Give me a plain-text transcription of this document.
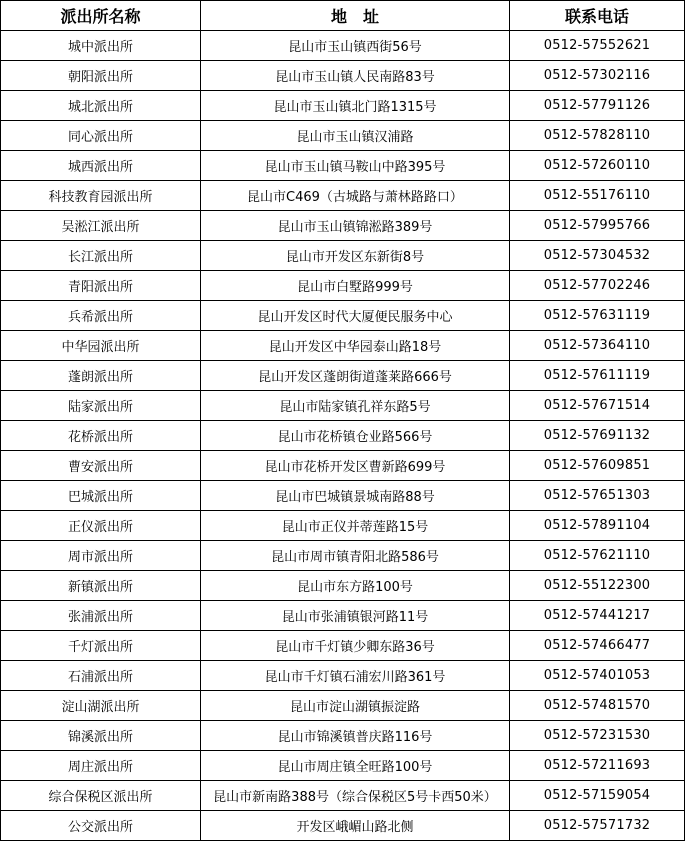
派出所名称	地　址	联系电话
城中派出所	昆山市玉山镇西街56号	0512-57552621
朝阳派出所	昆山市玉山镇人民南路83号	0512-57302116
城北派出所	昆山市玉山镇北门路1315号	0512-57791126
同心派出所	昆山市玉山镇汉浦路	0512-57828110
城西派出所	昆山市玉山镇马鞍山中路395号	0512-57260110
科技教育园派出所	昆山市C469（古城路与萧林路路口）	0512-55176110
吴淞江派出所	昆山市玉山镇锦淞路389号	0512-57995766
长江派出所	昆山市开发区东新街8号	0512-57304532
青阳派出所	昆山市白墅路999号	0512-57702246
兵希派出所	昆山开发区时代大厦便民服务中心	0512-57631119
中华园派出所	昆山开发区中华园泰山路18号	0512-57364110
蓬朗派出所	昆山开发区蓬朗街道蓬莱路666号	0512-57611119
陆家派出所	昆山市陆家镇孔祥东路5号	0512-57671514
花桥派出所	昆山市花桥镇仓业路566号	0512-57691132
曹安派出所	昆山市花桥开发区曹新路699号	0512-57609851
巴城派出所	昆山市巴城镇景城南路88号	0512-57651303
正仪派出所	昆山市正仪并蒂莲路15号	0512-57891104
周市派出所	昆山市周市镇青阳北路586号	0512-57621110
新镇派出所	昆山市东方路100号	0512-55122300
张浦派出所	昆山市张浦镇银河路11号	0512-57441217
千灯派出所	昆山市千灯镇少卿东路36号	0512-57466477
石浦派出所	昆山市千灯镇石浦宏川路361号	0512-57401053
淀山湖派出所	昆山市淀山湖镇振淀路	0512-57481570
锦溪派出所	昆山市锦溪镇普庆路116号	0512-57231530
周庄派出所	昆山市周庄镇全旺路100号	0512-57211693
综合保税区派出所	昆山市新南路388号（综合保税区5号卡西50米）	0512-57159054
公交派出所	开发区峨嵋山路北侧	0512-57571732
